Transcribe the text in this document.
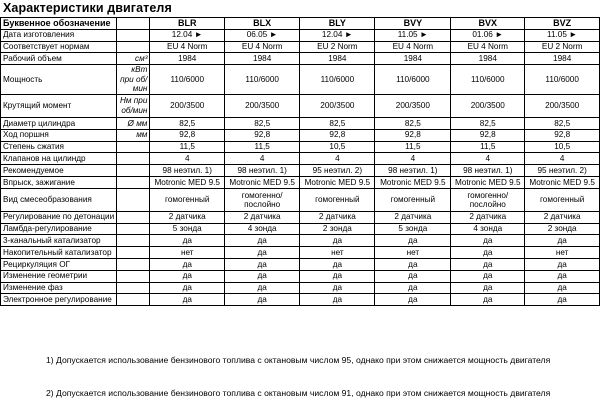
Характеристики двигателя
Буквенное обозначение		BLR	BLX	BLY	BVY	BVX	BVZ
Дата изготовления		12.04 ►	06.05 ►	12.04 ►	11.05 ►	01.06 ►	11.05 ►
Соответствует нормам		EU 4 Norm	EU 4 Norm	EU 2 Norm	EU 4 Norm	EU 4 Norm	EU 2 Norm
Рабочий объем	см³	1984	1984	1984	1984	1984	1984
Мощность	кВт при об/мин	110/6000	110/6000	110/6000	110/6000	110/6000	110/6000
Крутящий момент	Нм при об/мин	200/3500	200/3500	200/3500	200/3500	200/3500	200/3500
Диаметр цилиндра	Ø мм	82,5	82,5	82,5	82,5	82,5	82,5
Ход поршня	мм	92,8	92,8	92,8	92,8	92,8	92,8
Степень сжатия		11,5	11,5	10,5	11,5	11,5	10,5
Клапанов на цилиндр		4	4	4	4	4	4
Рекомендуемое		98 неэтил. 1)	98 неэтил. 1)	95 неэтил. 2)	98 неэтил. 1)	98 неэтил. 1)	95 неэтил. 2)
Впрыск, зажигание		Motronic MED 9.5	Motronic MED 9.5	Motronic MED 9.5	Motronic MED 9.5	Motronic MED 9.5	Motronic MED 9.5
Вид смесеобразования		гомогенный	гомогенно/ послойно	гомогенный	гомогенный	гомогенно/ послойно	гомогенный
Регулирование по детонации		2 датчика	2 датчика	2 датчика	2 датчика	2 датчика	2 датчика
Ламбда-регулирование		5 зонда	4 зонда	2 зонда	5 зонда	4 зонда	2 зонда
3-канальный катализатор		да	да	да	да	да	да
Накопительный катализатор		нет	да	нет	нет	да	нет
Рециркуляция ОГ		да	да	да	да	да	да
Изменение геометрии		да	да	да	да	да	да
Изменение фаз		да	да	да	да	да	да
Электронное регулирование		да	да	да	да	да	да
1) Допускается использование бензинового топлива с октановым числом 95, однако при этом снижается мощность двигателя
2) Допускается использование бензинового топлива с октановым числом 91, однако при этом снижается мощность двигателя
